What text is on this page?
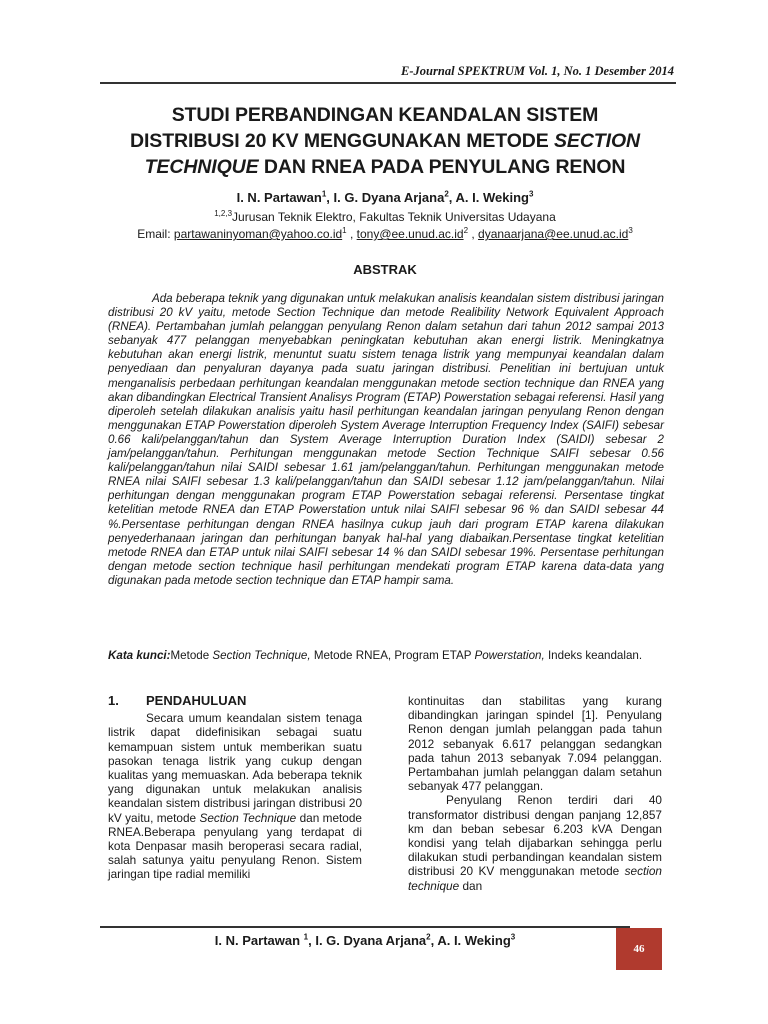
E-Journal SPEKTRUM Vol. 1, No. 1 Desember 2014
STUDI PERBANDINGAN KEANDALAN SISTEM
DISTRIBUSI 20 KV MENGGUNAKAN METODE SECTION
TECHNIQUE DAN RNEA PADA PENYULANG RENON
I. N. Partawan$^1$, I. G. Dyana Arjana$^2$, A. I. Weking$^3$
$^{1,2,3}$Jurusan Teknik Elektro, Fakultas Teknik Universitas Udayana
Email: $partawaninyoman@yahoo.co.id^1$ , $tony@ee.unud.ac.id^2$ , $dyanaarjana@ee.unud.ac.id^3$
ABSTRAK

Ada beberapa teknik yang digunakan untuk melakukan analisis keandalan sistem distribusi jaringan distribusi 20 kV yaitu, metode Section Technique dan metode Realibility Network Equivalent Approach (RNEA). Pertambahan jumlah pelanggan penyulang Renon dalam setahun dari tahun 2012 sampai 2013 sebanyak 477 pelanggan menyebabkan peningkatan kebutuhan akan energi listrik. Meningkatnya kebutuhan akan energi listrik, menuntut suatu sistem tenaga listrik yang mempunyai keandalan dalam penyediaan dan penyaluran dayanya pada suatu jaringan distribusi. Penelitian ini bertujuan untuk menganalisis perbedaan perhitungan keandalan menggunakan metode section technique dan RNEA yang akan dibandingkan Electrical Transient Analisys Program (ETAP) Powerstation sebagai referensi. Hasil yang diperoleh setelah dilakukan analisis yaitu hasil perhitungan keandalan jaringan penyulang Renon dengan menggunakan ETAP Powerstation diperoleh System Average Interruption Frequency Index (SAIFI) sebesar 0.66 kali/pelanggan/tahun dan System Average Interruption Duration Index (SAIDI) sebesar 2 jam/pelanggan/tahun. Perhitungan menggunakan metode Section Technique SAIFI sebesar 0.56 kali/pelanggan/tahun nilai SAIDI sebesar 1.61 jam/pelanggan/tahun. Perhitungan menggunakan metode RNEA nilai SAIFI sebesar 1.3 kali/pelanggan/tahun dan SAIDI sebesar 1.12 jam/pelanggan/tahun. Nilai perhitungan dengan menggunakan program ETAP Powerstation sebagai referensi. Persentase tingkat ketelitian metode RNEA dan ETAP Powerstation untuk nilai SAIFI sebesar 96 % dan SAIDI sebesar 44 %.Persentase perhitungan dengan RNEA hasilnya cukup jauh dari program ETAP karena dilakukan penyederhanaan jaringan dan perhitungan banyak hal-hal yang diabaikan.Persentase tingkat ketelitian metode RNEA dan ETAP untuk nilai SAIFI sebesar 14 % dan SAIDI sebesar 19%. Persentase perhitungan dengan metode section technique hasil perhitungan mendekati program ETAP karena data-data yang digunakan pada metode section technique dan ETAP hampir sama.

Kata kunci:Metode Section Technique, Metode RNEA, Program ETAP Powerstation, Indeks keandalan.
1. PENDAHULUAN

Secara umum keandalan sistem tenaga listrik dapat didefinisikan sebagai suatu kemampuan sistem untuk memberikan suatu pasokan tenaga listrik yang cukup dengan kualitas yang memuaskan. Ada beberapa teknik yang digunakan untuk melakukan analisis keandalan sistem distribusi jaringan distribusi 20 kV yaitu, metode Section Technique dan metode RNEA.Beberapa penyulang yang terdapat di kota Denpasar masih beroperasi secara radial, salah satunya yaitu penyulang Renon. Sistem jaringan tipe radial memiliki

kontinuitas dan stabilitas yang kurang dibandingkan jaringan spindel [1]. Penyulang Renon dengan jumlah pelanggan pada tahun 2012 sebanyak 6.617 pelanggan sedangkan pada tahun 2013 sebanyak 7.094 pelanggan. Pertambahan jumlah pelanggan dalam setahun sebanyak 477 pelanggan.

Penyulang Renon terdiri dari 40 transformator distribusi dengan panjang 12,857 km dan beban sebesar 6.203 kVA Dengan kondisi yang telah dijabarkan sehingga perlu dilakukan studi perbandingan keandalan sistem distribusi 20 KV menggunakan metode section technique dan

I. N. Partawan $^1$, I. G. Dyana Arjana$^2$, A. I. Weking$^3$
46
